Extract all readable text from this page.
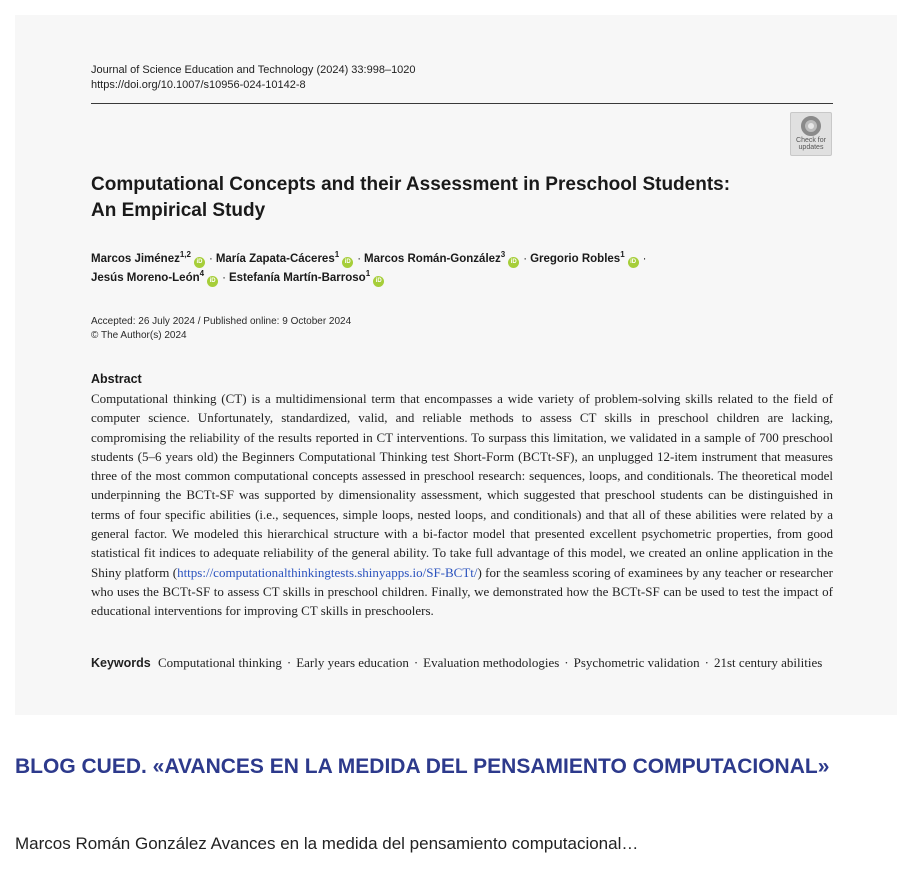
Journal of Science Education and Technology (2024) 33:998–1020
https://doi.org/10.1007/s10956-024-10142-8
Check for updates
Computational Concepts and their Assessment in Preschool Students:
An Empirical Study
Marcos Jiménez$^{1,2}$iD · María Zapata-Cáceres$^1$iD · Marcos Román-González$^3$iD · Gregorio Robles$^1$iD ·
Jesús Moreno-León$^4$iD · Estefanía Martín-Barroso$^1$iD
Accepted: 26 July 2024 / Published online: 9 October 2024
© The Author(s) 2024
Abstract
Computational thinking (CT) is a multidimensional term that encompasses a wide variety of problem-solving skills related to the field of computer science. Unfortunately, standardized, valid, and reliable methods to assess CT skills in preschool children are lacking, compromising the reliability of the results reported in CT interventions. To surpass this limitation, we validated in a sample of 700 preschool students (5–6 years old) the Beginners Computational Thinking test Short-Form (BCTt-SF), an unplugged 12-item instrument that measures three of the most common computational concepts assessed in preschool research: sequences, loops, and conditionals. The theoretical model underpinning the BCTt-SF was supported by dimensionality assessment, which suggested that preschool students can be distinguished in terms of four specific abilities (i.e., sequences, simple loops, nested loops, and conditionals) and that all of these abilities were related by a general factor. We modeled this hierarchical structure with a bi-factor model that presented excellent psychometric properties, from good statistical fit indices to adequate reliability of the general ability. To take full advantage of this model, we created an online application in the Shiny platform (https://computationalthinkingtests.shinyapps.io/SF-BCTt/) for the seamless scoring of examinees by any teacher or researcher who uses the BCTt-SF to assess CT skills in preschool children. Finally, we demonstrated how the BCTt-SF can be used to test the impact of educational interventions for improving CT skills in preschoolers.
Keywords Computational thinking · Early years education · Evaluation methodologies · Psychometric validation · 21st century abilities
BLOG CUED. «AVANCES EN LA MEDIDA DEL PENSAMIENTO COMPUTACIONAL»
Marcos Román González Avances en la medida del pensamiento computacional…
